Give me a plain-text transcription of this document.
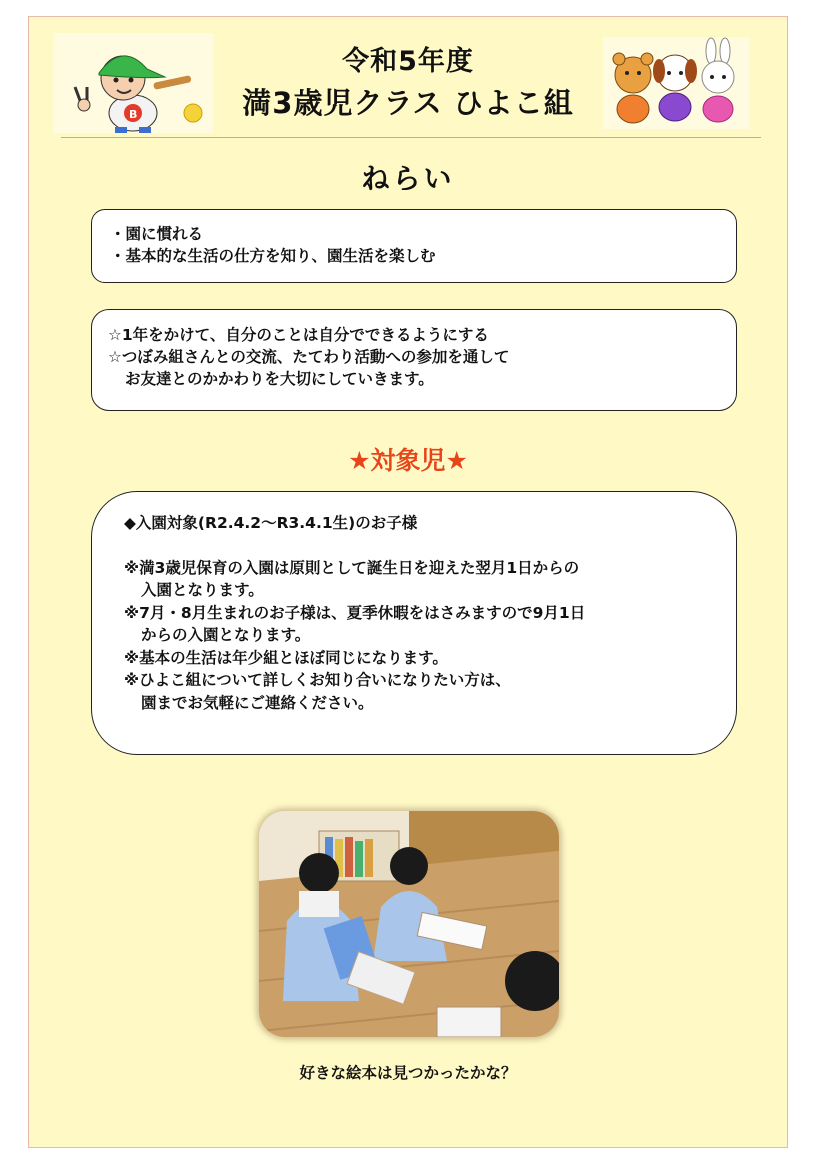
B
令和5年度
満3歳児クラス ひよこ組
ねらい
・園に慣れる
・基本的な生活の仕方を知り、園生活を楽しむ
☆1年をかけて、自分のことは自分でできるようにする
☆つぼみ組さんとの交流、たてわり活動への参加を通して
お友達とのかかわりを大切にしていきます。
★対象児★
◆入園対象(R2.4.2～R3.4.1生)のお子様
※満3歳児保育の入園は原則として誕生日を迎えた翌月1日からの
入園となります。
※7月・8月生まれのお子様は、夏季休暇をはさみますので9月1日
からの入園となります。
※基本の生活は年少組とほぼ同じになります。
※ひよこ組について詳しくお知り合いになりたい方は、
園までお気軽にご連絡ください。
好きな絵本は見つかったかな？
